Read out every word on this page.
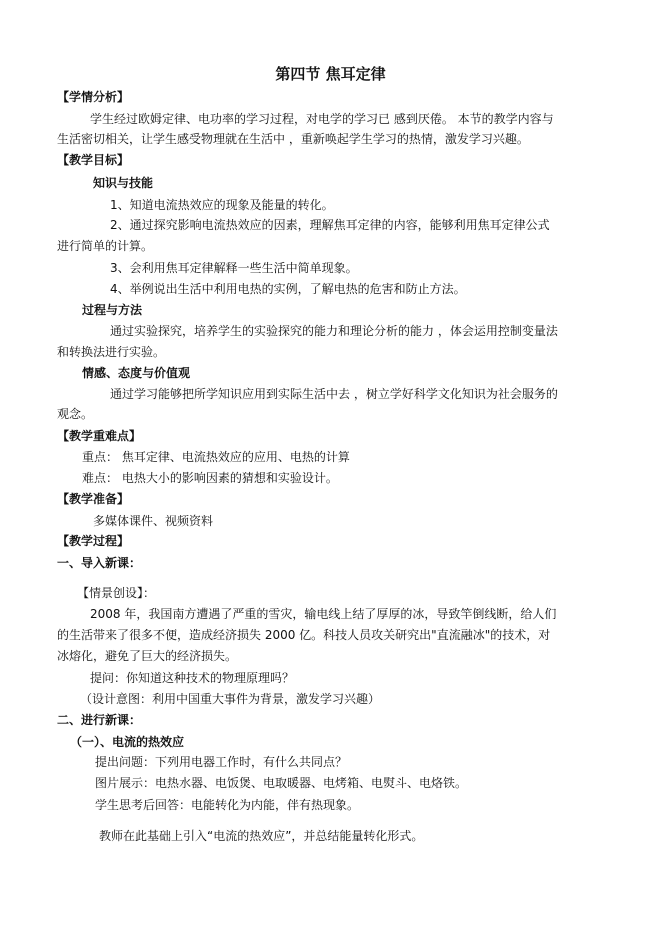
第四节 焦耳定律
【学情分析】
学生经过欧姆定律、电功率的学习过程，对电学的学习已 感到厌倦。 本节的教学内容与
生活密切相关，让学生感受物理就在生活中 ，重新唤起学生学习的热情，激发学习兴趣。
【教学目标】
知识与技能
1、知道电流热效应的现象及能量的转化。
2、通过探究影响电流热效应的因素，理解焦耳定律的内容，能够利用焦耳定律公式
进行简单的计算。
3、会利用焦耳定律解释一些生活中简单现象。
4、举例说出生活中利用电热的实例，了解电热的危害和防止方法。
过程与方法
通过实验探究，培养学生的实验探究的能力和理论分析的能力 ，体会运用控制变量法
和转换法进行实验。
情感、态度与价值观
通过学习能够把所学知识应用到实际生活中去 ，树立学好科学文化知识为社会服务的
观念。
【教学重难点】
重点： 焦耳定律、电流热效应的应用、电热的计算
难点： 电热大小的影响因素的猜想和实验设计。
【教学准备】
多媒体课件、视频资料
【教学过程】
一、导入新课：
【情景创设】：
2008 年，我国南方遭遇了严重的雪灾，输电线上结了厚厚的冰，导致竿倒线断，给人们
的生活带来了很多不便，造成经济损失 2000 亿。科技人员攻关研究出"直流融冰"的技术，对
冰熔化，避免了巨大的经济损失。
提问：你知道这种技术的物理原理吗？
（设计意图：利用中国重大事件为背景，激发学习兴趣）
二、进行新课：
（一）、电流的热效应
提出问题：下列用电器工作时，有什么共同点？
图片展示：电热水器、电饭煲、电取暖器、电烤箱、电熨斗、电烙铁。
学生思考后回答：电能转化为内能，伴有热现象。
教师在此基础上引入“电流的热效应”，并总结能量转化形式。
